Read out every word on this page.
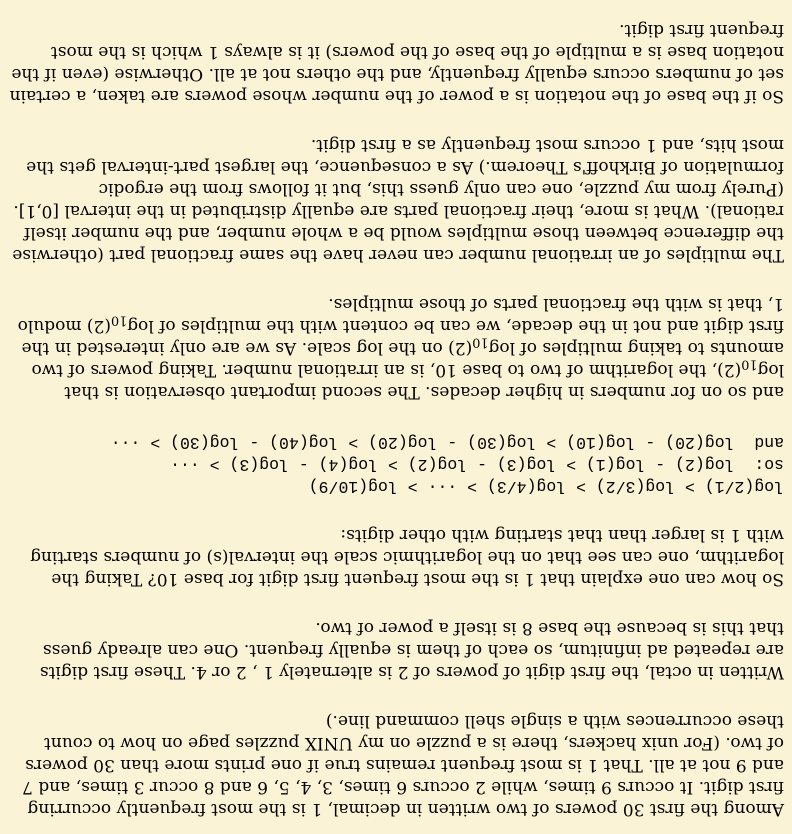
Among the first 30 powers of two written in decimal, 1 is the most frequently occurring first digit. It occurs 9 times, while 2 occurs 6 times, 3, 4, 5, 6 and 8 occur 3 times, and 7 and 9 not at all. That 1 is most frequent remains true if one prints more than 30 powers of two. (For unix hackers, there is a puzzle on my UNIX puzzles page on how to count these occurrences with a single shell command line.)

Written in octal, the first digit of powers of 2 is alternately 1 , 2 or 4. These first digits are repeated ad infinitum, so each of them is equally frequent. One can already guess that this is because the base 8 is itself a power of two.

So how can one explain that 1 is the most frequent first digit for base 10? Taking the logarithm, one can see that on the logarithmic scale the interval(s) of numbers starting with 1 is larger than that starting with other digits:

log(2/1) > log(3/2) > log(4/3) > ··· > log(10/9)
so:  log(2) - log(1) > log(3) - log(2) > log(4) - log(3) > ···
and  log(20) - log(10) > log(30) - log(20) > log(40) - log(30) > ···

and so on for numbers in higher decades. The second important observation is that $\log_{10}(2)$, the logarithm of two to base 10, is an irrational number. Taking powers of two amounts to taking multiples of $\log_{10}(2)$ on the log scale. As we are only interested in the first digit and not in the decade, we can be content with the multiples of $\log_{10}(2)$ modulo 1, that is with the fractional parts of those multiples.

The multiples of an irrational number can never have the same fractional part (otherwise the difference between those multiples would be a whole number, and the number itself rational). What is more, their fractional parts are equally distributed in the interval [0,1]. (Purely from my puzzle, one can only guess this, but it follows from the ergodic formulation of Birkhoff's Theorem.) As a consequence, the largest part-interval gets the most hits, and 1 occurs most frequently as a first digit.

So if the base of the notation is a power of the number whose powers are taken, a certain set of numbers occurs equally frequently, and the others not at all. Otherwise (even if the notation base is a multiple of the base of the powers) it is always 1 which is the most frequent first digit.
